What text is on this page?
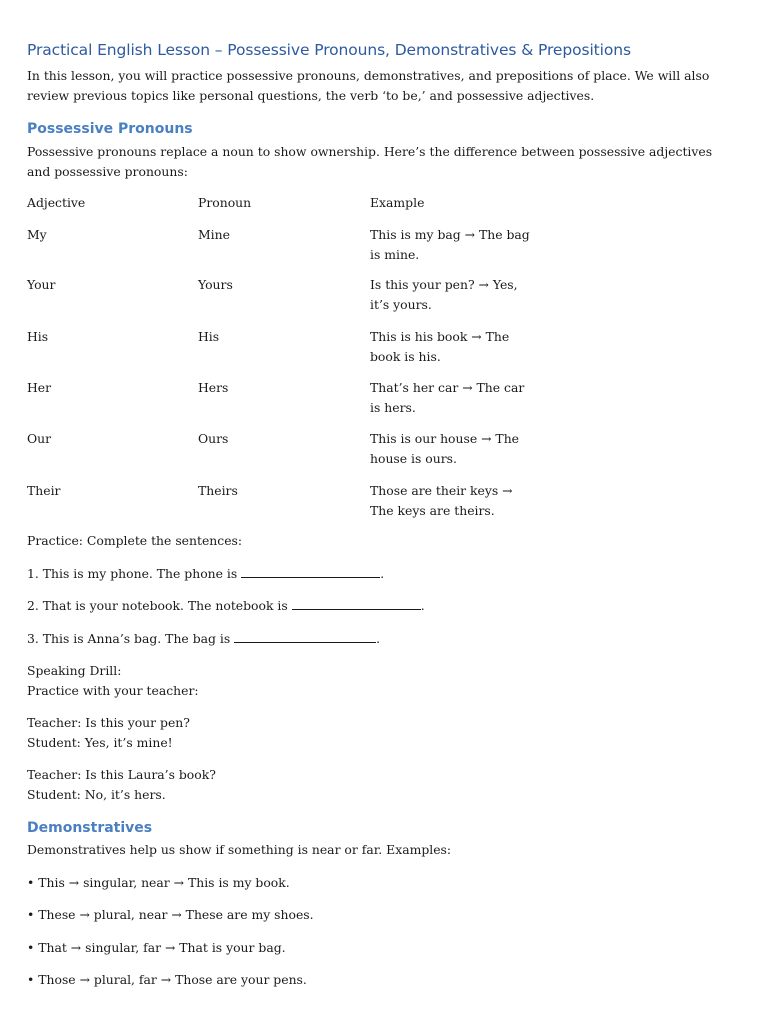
Practical English Lesson – Possessive Pronouns, Demonstratives & Prepositions

In this lesson, you will practice possessive pronouns, demonstratives, and prepositions of place. We will also review previous topics like personal questions, the verb ‘to be,’ and possessive adjectives.

Possessive Pronouns

Possessive pronouns replace a noun to show ownership. Here’s the difference between possessive adjectives and possessive pronouns:

Adjective	Pronoun	Example
My	Mine	This is my bag → The bag is mine.
Your	Yours	Is this your pen? → Yes, it’s yours.
His	His	This is his book → The book is his.
Her	Hers	That’s her car → The car is hers.
Our	Ours	This is our house → The house is ours.
Their	Theirs	Those are their keys → The keys are theirs.

Practice: Complete the sentences:

1. This is my phone. The phone is	.

2. That is your notebook. The notebook is	.

3. This is Anna’s bag. The bag is	.

Speaking Drill:

Practice with your teacher:

Teacher: Is this your pen?

Student: Yes, it’s mine!

Teacher: Is this Laura’s book?

Student: No, it’s hers.

Demonstratives

Demonstratives help us show if something is near or far. Examples:

• This → singular, near → This is my book.

• These → plural, near → These are my shoes.

• That → singular, far → That is your bag.

• Those → plural, far → Those are your pens.
